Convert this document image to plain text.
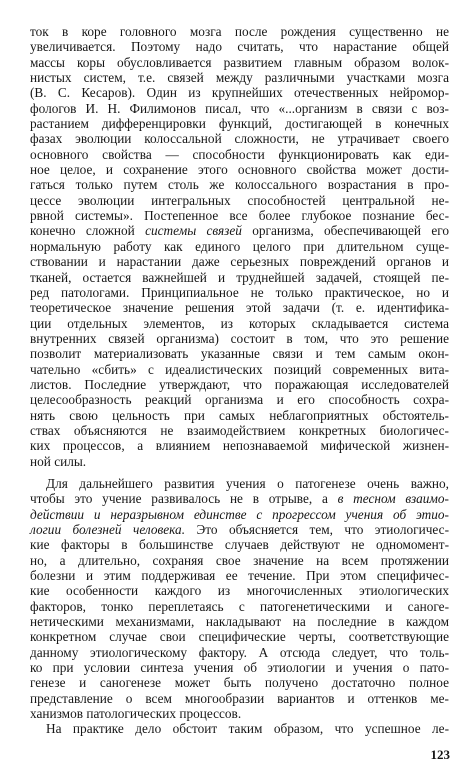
ток в коре головного мозга после рождения существенно не
увеличивается. Поэтому надо считать, что нарастание общей
массы коры обусловливается развитием главным образом волок-
нистых систем, т.е. связей между различными участками мозга
(В. С. Кесаров). Один из крупнейших отечественных нейромор-
фологов И. Н. Филимонов писал, что «...организм в связи с воз-
растанием дифференцировки функций, достигающей в конечных
фазах эволюции колоссальной сложности, не утрачивает своего
основного свойства — способности функционировать как еди-
ное целое, и сохранение этого основного свойства может дости-
гаться только путем столь же колоссального возрастания в про-
цессе эволюции интегральных способностей центральной не-
рвной системы». Постепенное все более глубокое познание бес-
конечно сложной системы связей организма, обеспечивающей его
нормальную работу как единого целого при длительном суще-
ствовании и нарастании даже серьезных повреждений органов и
тканей, остается важнейшей и труднейшей задачей, стоящей пе-
ред патологами. Принципиальное не только практическое, но и
теоретическое значение решения этой задачи (т. е. идентифика-
ции отдельных элементов, из которых складывается система
внутренних связей организма) состоит в том, что это решение
позволит материализовать указанные связи и тем самым окон-
чательно «сбить» с идеалистических позиций современных вита-
листов. Последние утверждают, что поражающая исследователей
целесообразность реакций организма и его способность сохра-
нять свою цельность при самых неблагоприятных обстоятель-
ствах объясняются не взаимодействием конкретных биологичес-
ких процессов, а влиянием непознаваемой мифической жизнен-
ной силы.
Для дальнейшего развития учения о патогенезе очень важно,
чтобы это учение развивалось не в отрыве, а в тесном взаимо-
действии и неразрывном единстве с прогрессом учения об этио-
логии болезней человека. Это объясняется тем, что этиологичес-
кие факторы в большинстве случаев действуют не одномомент-
но, а длительно, сохраняя свое значение на всем протяжении
болезни и этим поддерживая ее течение. При этом специфичес-
кие особенности каждого из многочисленных этиологических
факторов, тонко переплетаясь с патогенетическими и саноге-
нетическими механизмами, накладывают на последние в каждом
конкретном случае свои специфические черты, соответствующие
данному этиологическому фактору. А отсюда следует, что толь-
ко при условии синтеза учения об этиологии и учения о пато-
генезе и саногенезе может быть получено достаточно полное
представление о всем многообразии вариантов и оттенков ме-
ханизмов патологических процессов.
На практике дело обстоит таким образом, что успешное ле-
123
